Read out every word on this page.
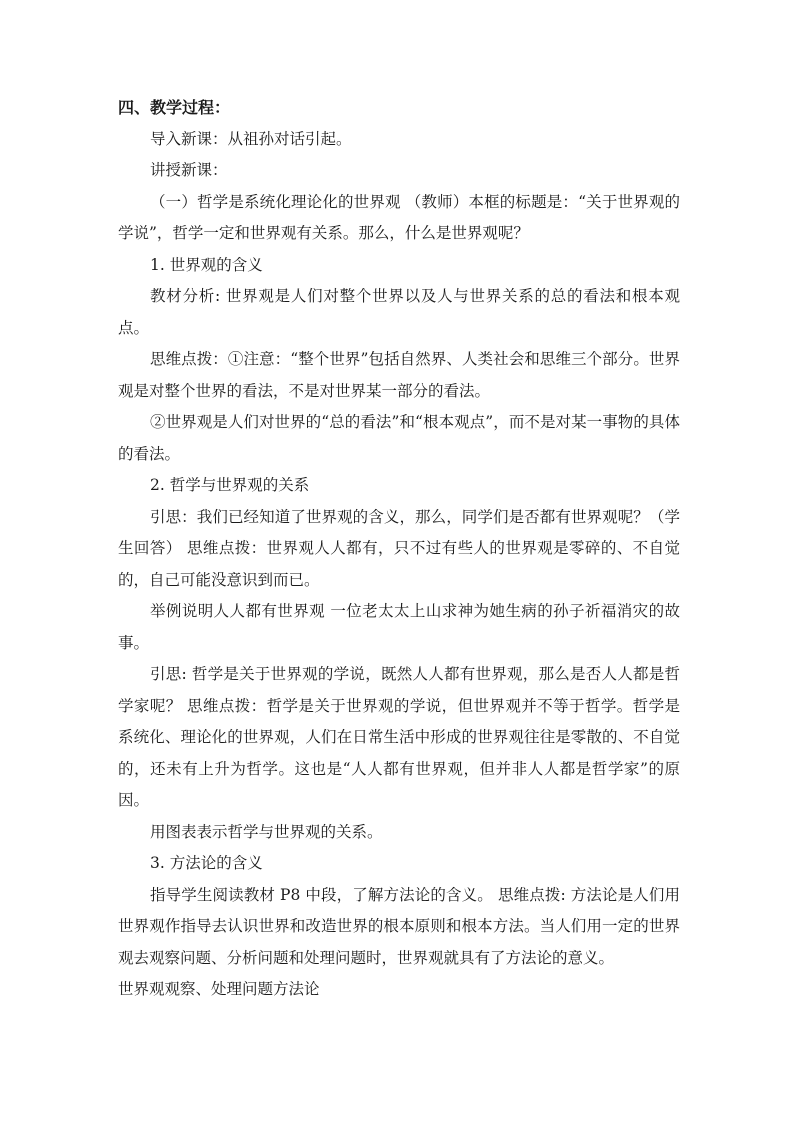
四、教学过程：

导入新课：从祖孙对话引起。

讲授新课：

（一）哲学是系统化理论化的世界观 （教师）本框的标题是：“关于世界观的学说”，哲学一定和世界观有关系。那么，什么是世界观呢？

1. 世界观的含义

教材分析: 世界观是人们对整个世界以及人与世界关系的总的看法和根本观点。

思维点拨：①注意：“整个世界”包括自然界、人类社会和思维三个部分。世界观是对整个世界的看法，不是对世界某一部分的看法。

②世界观是人们对世界的“总的看法”和“根本观点”，而不是对某一事物的具体的看法。

2. 哲学与世界观的关系

引思：我们已经知道了世界观的含义，那么，同学们是否都有世界观呢？（学生回答） 思维点拨：世界观人人都有，只不过有些人的世界观是零碎的、不自觉的，自己可能没意识到而已。

举例说明人人都有世界观 一位老太太上山求神为她生病的孙子祈福消灾的故事。

引思: 哲学是关于世界观的学说，既然人人都有世界观，那么是否人人都是哲学家呢？ 思维点拨：哲学是关于世界观的学说，但世界观并不等于哲学。哲学是系统化、理论化的世界观，人们在日常生活中形成的世界观往往是零散的、不自觉的，还未有上升为哲学。这也是“人人都有世界观，但并非人人都是哲学家”的原因。

用图表表示哲学与世界观的关系。

3. 方法论的含义

指导学生阅读教材 P8 中段，了解方法论的含义。 思维点拨: 方法论是人们用世界观作指导去认识世界和改造世界的根本原则和根本方法。当人们用一定的世界观去观察问题、分析问题和处理问题时，世界观就具有了方法论的意义。

世界观观察、处理问题方法论
